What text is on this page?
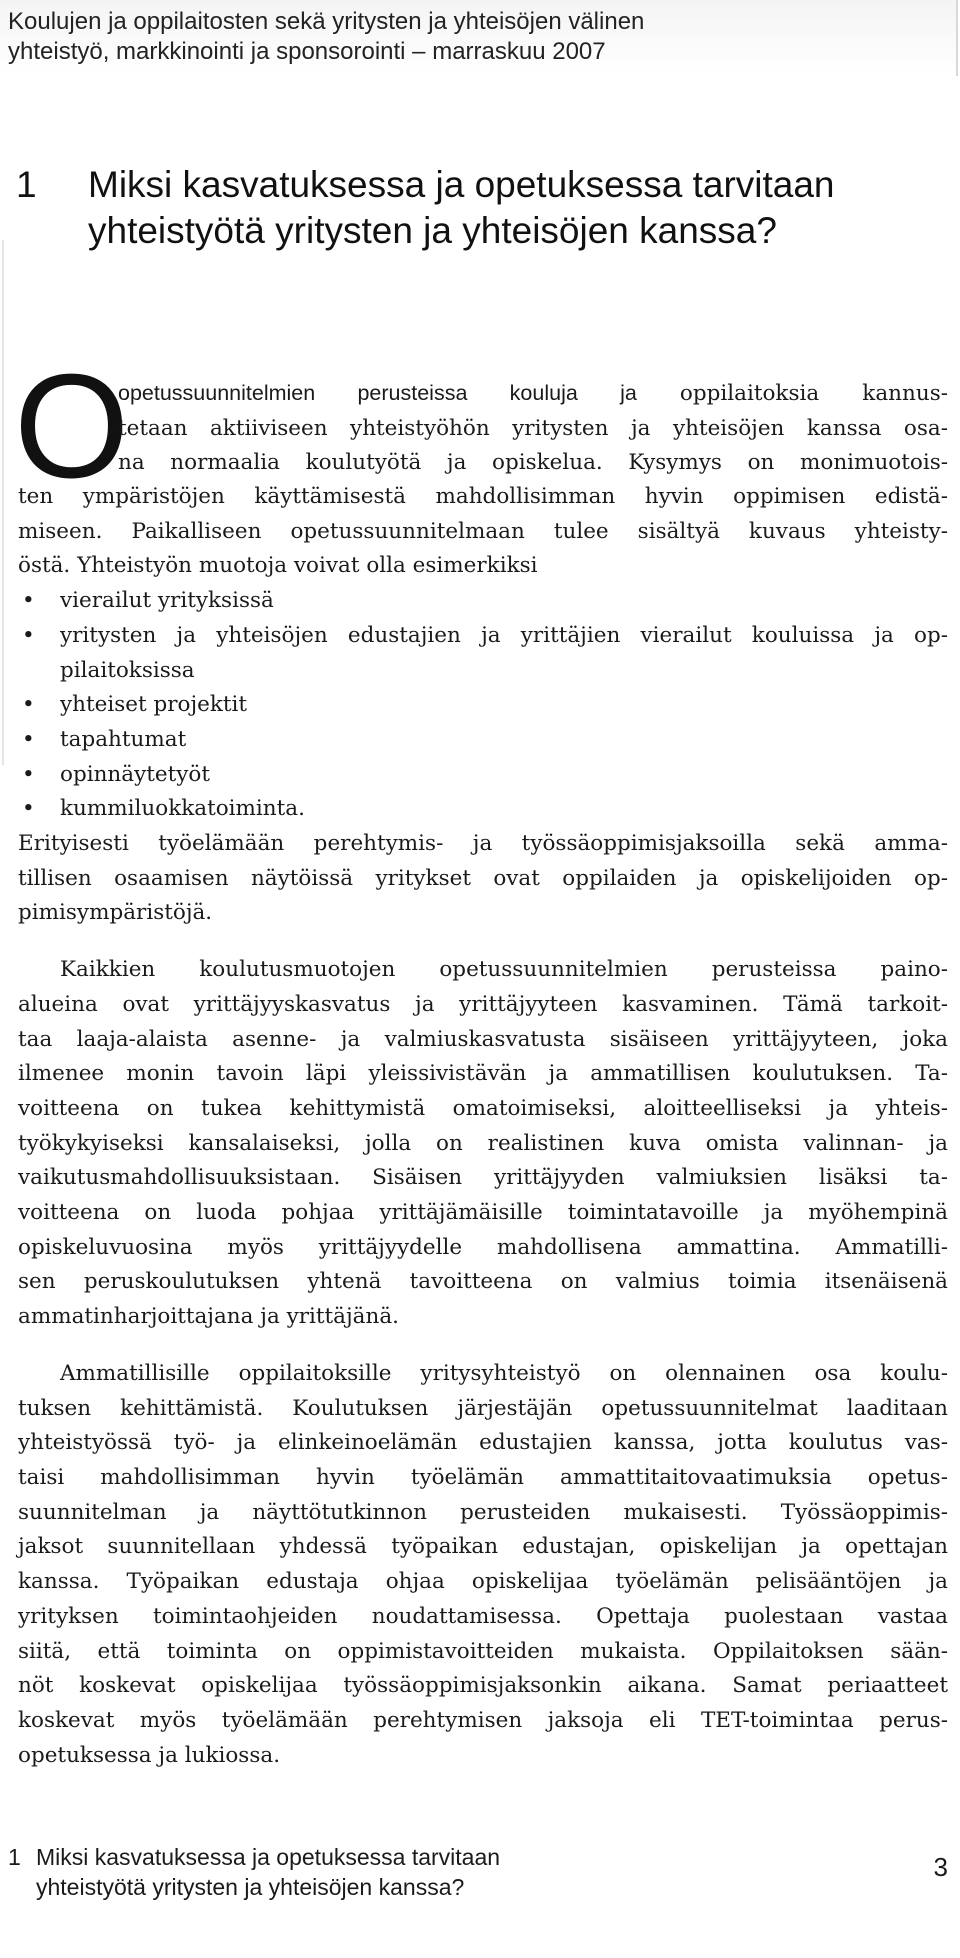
Koulujen ja oppilaitosten sekä yritysten ja yhteisöjen välinen
yhteistyö, markkinointi ja sponsorointi – marraskuu 2007
1 Miksi kasvatuksessa ja opetuksessa tarvitaan
yhteistyötä yritysten ja yhteisöjen kanssa?
O

opetussuunnitelmien perusteissa kouluja ja oppilaitoksia kannus-

tetaan aktiiviseen yhteistyöhön yritysten ja yhteisöjen kanssa osa-

na normaalia koulutyötä ja opiskelua. Kysymys on monimuotois-

ten ympäristöjen käyttämisestä mahdollisimman hyvin oppimisen edistä-

miseen. Paikalliseen opetussuunnitelmaan tulee sisältyä kuvaus yhteisty-

östä. Yhteistyön muotoja voivat olla esimerkiksi

• vierailut yrityksissä

• yritysten ja yhteisöjen edustajien ja yrittäjien vierailut kouluissa ja op-

pilaitoksissa

• yhteiset projektit

• tapahtumat

• opinnäytetyöt

• kummiluokkatoiminta.

Erityisesti työelämään perehtymis- ja työssäoppimisjaksoilla sekä amma-

tillisen osaamisen näytöissä yritykset ovat oppilaiden ja opiskelijoiden op-

pimisympäristöjä.

Kaikkien koulutusmuotojen opetussuunnitelmien perusteissa paino-

alueina ovat yrittäjyyskasvatus ja yrittäjyyteen kasvaminen. Tämä tarkoit-

taa laaja-alaista asenne- ja valmiuskasvatusta sisäiseen yrittäjyyteen, joka

ilmenee monin tavoin läpi yleissivistävän ja ammatillisen koulutuksen. Ta-

voitteena on tukea kehittymistä omatoimiseksi, aloitteelliseksi ja yhteis-

työkykyiseksi kansalaiseksi, jolla on realistinen kuva omista valinnan- ja

vaikutusmahdollisuuksistaan. Sisäisen yrittäjyyden valmiuksien lisäksi ta-

voitteena on luoda pohjaa yrittäjämäisille toimintatavoille ja myöhempinä

opiskeluvuosina myös yrittäjyydelle mahdollisena ammattina. Ammatilli-

sen peruskoulutuksen yhtenä tavoitteena on valmius toimia itsenäisenä

ammatinharjoittajana ja yrittäjänä.

Ammatillisille oppilaitoksille yritysyhteistyö on olennainen osa koulu-

tuksen kehittämistä. Koulutuksen järjestäjän opetussuunnitelmat laaditaan

yhteistyössä työ- ja elinkeinoelämän edustajien kanssa, jotta koulutus vas-

taisi mahdollisimman hyvin työelämän ammattitaitovaatimuksia opetus-

suunnitelman ja näyttötutkinnon perusteiden mukaisesti. Työssäoppimis-

jaksot suunnitellaan yhdessä työpaikan edustajan, opiskelijan ja opettajan

kanssa. Työpaikan edustaja ohjaa opiskelijaa työelämän pelisääntöjen ja

yrityksen toimintaohjeiden noudattamisessa. Opettaja puolestaan vastaa

siitä, että toiminta on oppimistavoitteiden mukaista. Oppilaitoksen sään-

nöt koskevat opiskelijaa työssäoppimisjaksonkin aikana. Samat periaatteet

koskevat myös työelämään perehtymisen jaksoja eli TET-toimintaa perus-

opetuksessa ja lukiossa.

1 Miksi kasvatuksessa ja opetuksessa tarvitaan
yhteistyötä yritysten ja yhteisöjen kanssa?
3
